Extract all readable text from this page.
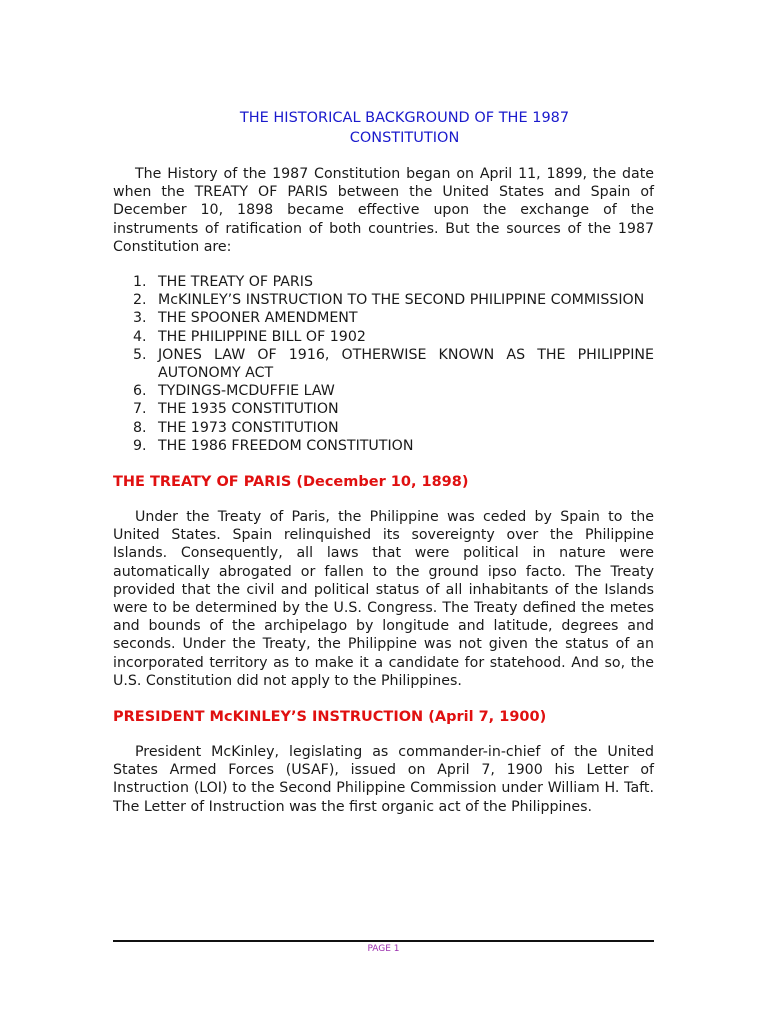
THE HISTORICAL BACKGROUND OF THE 1987
CONSTITUTION

The History of the 1987 Constitution began on April 11, 1899, the date when the TREATY OF PARIS between the United States and Spain of December 10, 1898 became effective upon the exchange of the instruments of ratification of both countries. But the sources of the 1987 Constitution are:

1. THE TREATY OF PARIS
2. McKINLEY’S INSTRUCTION TO THE SECOND PHILIPPINE COMMISSION
3. THE SPOONER AMENDMENT
4. THE PHILIPPINE BILL OF 1902
5. JONES LAW OF 1916, OTHERWISE KNOWN AS THE PHILIPPINE AUTONOMY ACT
6. TYDINGS-MCDUFFIE LAW
7. THE 1935 CONSTITUTION
8. THE 1973 CONSTITUTION
9. THE 1986 FREEDOM CONSTITUTION
THE TREATY OF PARIS (December 10, 1898)

Under the Treaty of Paris, the Philippine was ceded by Spain to the United States. Spain relinquished its sovereignty over the Philippine Islands. Consequently, all laws that were political in nature were automatically abrogated or fallen to the ground ipso facto. The Treaty provided that the civil and political status of all inhabitants of the Islands were to be determined by the U.S. Congress. The Treaty defined the metes and bounds of the archipelago by longitude and latitude, degrees and seconds. Under the Treaty, the Philippine was not given the status of an incorporated territory as to make it a candidate for statehood. And so, the U.S. Constitution did not apply to the Philippines.

PRESIDENT McKINLEY’S INSTRUCTION (April 7, 1900)

President McKinley, legislating as commander-in-chief of the United States Armed Forces (USAF), issued on April 7, 1900 his Letter of Instruction (LOI) to the Second Philippine Commission under William H. Taft. The Letter of Instruction was the first organic act of the Philippines.

PAGE 1
